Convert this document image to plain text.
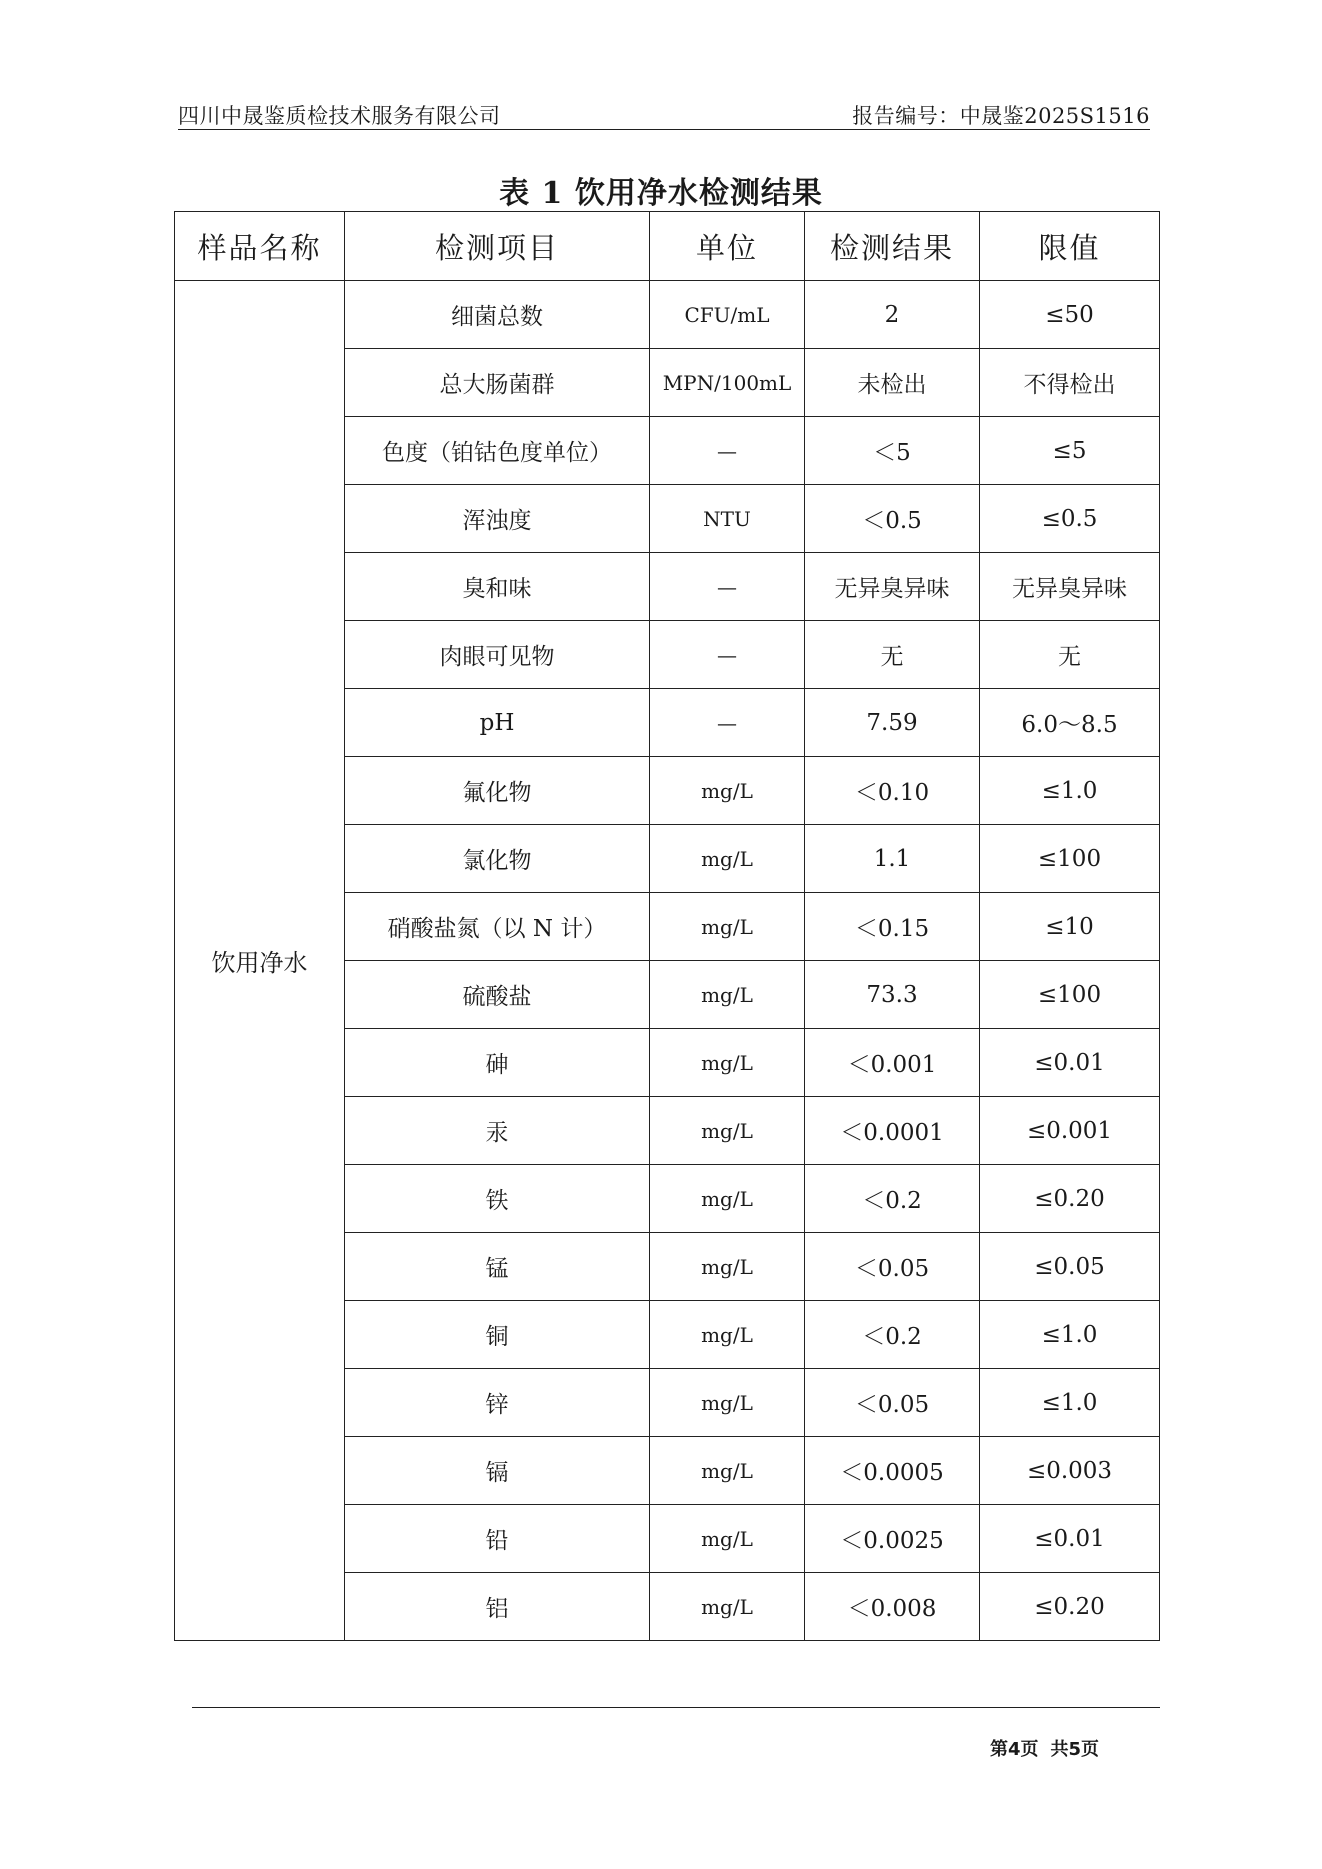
四川中晟鉴质检技术服务有限公司	报告编号：中晟鉴2025S1516
表 1 饮用净水检测结果
样品名称	检测项目	单位	检测结果	限值
饮用净水	细菌总数	CFU/mL	2	≤50
	总大肠菌群	MPN/100mL	未检出	不得检出
	色度（铂钴色度单位）	—	＜5	≤5
	浑浊度	NTU	＜0.5	≤0.5
	臭和味	—	无异臭异味	无异臭异味
	肉眼可见物	—	无	无
	pH	—	7.59	6.0～8.5
	氟化物	mg/L	＜0.10	≤1.0
	氯化物	mg/L	1.1	≤100
	硝酸盐氮（以 N 计）	mg/L	＜0.15	≤10
	硫酸盐	mg/L	73.3	≤100
	砷	mg/L	＜0.001	≤0.01
	汞	mg/L	＜0.0001	≤0.001
	铁	mg/L	＜0.2	≤0.20
	锰	mg/L	＜0.05	≤0.05
	铜	mg/L	＜0.2	≤1.0
	锌	mg/L	＜0.05	≤1.0
	镉	mg/L	＜0.0005	≤0.003
	铅	mg/L	＜0.0025	≤0.01
	铝	mg/L	＜0.008	≤0.20
第4页 共5页
